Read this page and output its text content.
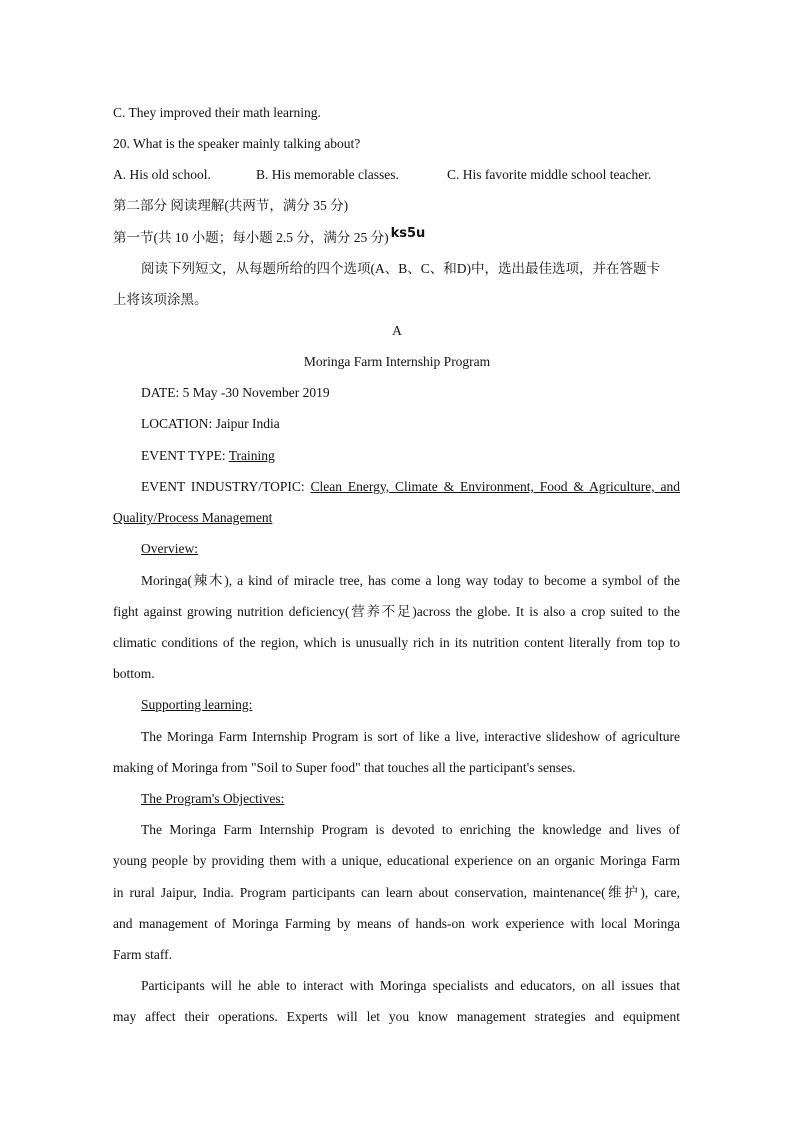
C. They improved their math learning.
20. What is the speaker mainly talking about?
A. His old school.	B. His memorable classes.	C. His favorite middle school teacher.
第二部分 阅读理解(共两节，满分 35 分)
第一节(共 10 小题；每小题 2.5 分，满分 25 分) ks5u
阅读下列短文，从每题所给的四个选项(A、B、C、和D)中，选出最佳选项，并在答题卡
上将该项涂黑。
A
Moringa Farm Internship Program
DATE: 5 May -30 November 2019
LOCATION: Jaipur India
EVENT TYPE: Training
EVENT INDUSTRY/TOPIC: Clean Energy, Climate & Environment, Food & Agriculture, and
Quality/Process Management
Overview:
Moringa(辣木), a kind of miracle tree, has come a long way today to become a symbol of the
fight against growing nutrition deficiency(营养不足)across the globe. It is also a crop suited to the
climatic conditions of the region, which is unusually rich in its nutrition content literally from top to
bottom.
Supporting learning:
The Moringa Farm Internship Program is sort of like a live, interactive slideshow of agriculture
making of Moringa from "Soil to Super food" that touches all the participant's senses.
The Program's Objectives:
The Moringa Farm Internship Program is devoted to enriching the knowledge and lives of
young people by providing them with a unique, educational experience on an organic Moringa Farm
in rural Jaipur, India. Program participants can learn about conservation, maintenance(维护), care,
and management of Moringa Farming by means of hands-on work experience with local Moringa
Farm staff.
Participants will he able to interact with Moringa specialists and educators, on all issues that
may affect their operations. Experts will let you know management strategies and equipment
